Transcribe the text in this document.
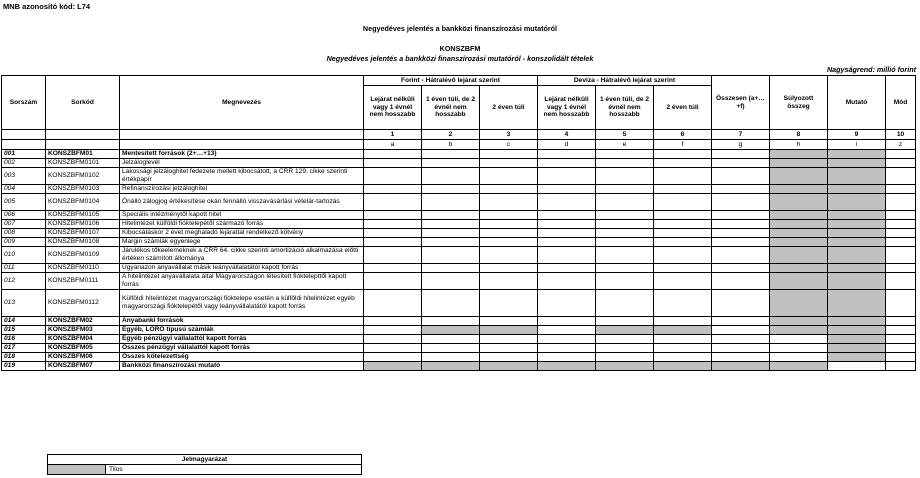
MNB azonosító kód: L74
Negyedéves jelentés a bankközi finanszírozási mutatóról
KONSZBFM
Negyedéves jelentés a bankközi finanszírozási mutatóról - konszolidált tételek
Nagyságrend: millió forint
Sorszám	Sorkód	Megnevezés	Forint - Hátralévő lejárat szerint			Deviza - Hátralévő lejárat szerint			Összesen (a+…+f)	Súlyozott összeg	Mutató	Mód
			Lejárat nélküli vagy 1 évnél nem hosszabb	1 éven túli, de 2 évnél nem hosszabb	2 éven túli	Lejárat nélküli vagy 1 évnél nem hosszabb	1 éven túli, de 2 évnél nem hosszabb	2 éven túli				
			1	2	3	4	5	6	7	8	9	10
			a	b	c	d	e	f	g	h	i	z
001	KONSZBFM01	Mentesített források (2+…+13)										
002	KONSZBFM0101	Jelzáloglevél										
003	KONSZBFM0102	Lakossági jelzáloghitel fedezete mellett kibocsátott, a CRR 129. cikke szerinti értékpapír										
004	KONSZBFM0103	Refinanszírozási jelzáloghitel										
005	KONSZBFM0104	Önálló zálogjog értékesítése okán fennálló visszavásárlási vételár-tartozás										
006	KONSZBFM0105	Speciális intézménytől kapott hitel										
007	KONSZBFM0106	Hitelintézet külföldi fióktelepétől származó forrás										
008	KONSZBFM0107	Kibocsátáskor 2 évet meghaladó lejárattal rendelkező kötvény										
009	KONSZBFM0108	Margin számlák egyenlege										
010	KONSZBFM0109	Járulékos tőkeelemeknek a CRR 64. cikke szerinti amortizáció alkalmazása előtti értéken számított állománya										
011	KONSZBFM0110	Ugyanazon anyavállalat másik leányvállalatától kapott forrás										
012	KONSZBFM0111	A hitelintézet anyavállalata által Magyarországon létesített fióktelepttől kapott forrás										
013	KONSZBFM0112	Külföldi hitelintézet magyarországi fióktelepe esetén a külföldi hitelintézet egyéb magyarországi fióktelepétől vagy leányvállalatától kapott forrás										
014	KONSZBFM02	Anyabanki források										
015	KONSZBFM03	Egyéb, LORO típusú számlák										
016	KONSZBFM04	Egyéb pénzügyi vállalattól kapott forrás										
017	KONSZBFM05	Összes pénzügyi vállalattól kapott forrás										
018	KONSZBFM06	Összes kötelezettség										
019	KONSZBFM07	Bankközi finanszírozási mutató										
Jelmagyarázat
	Tilos
